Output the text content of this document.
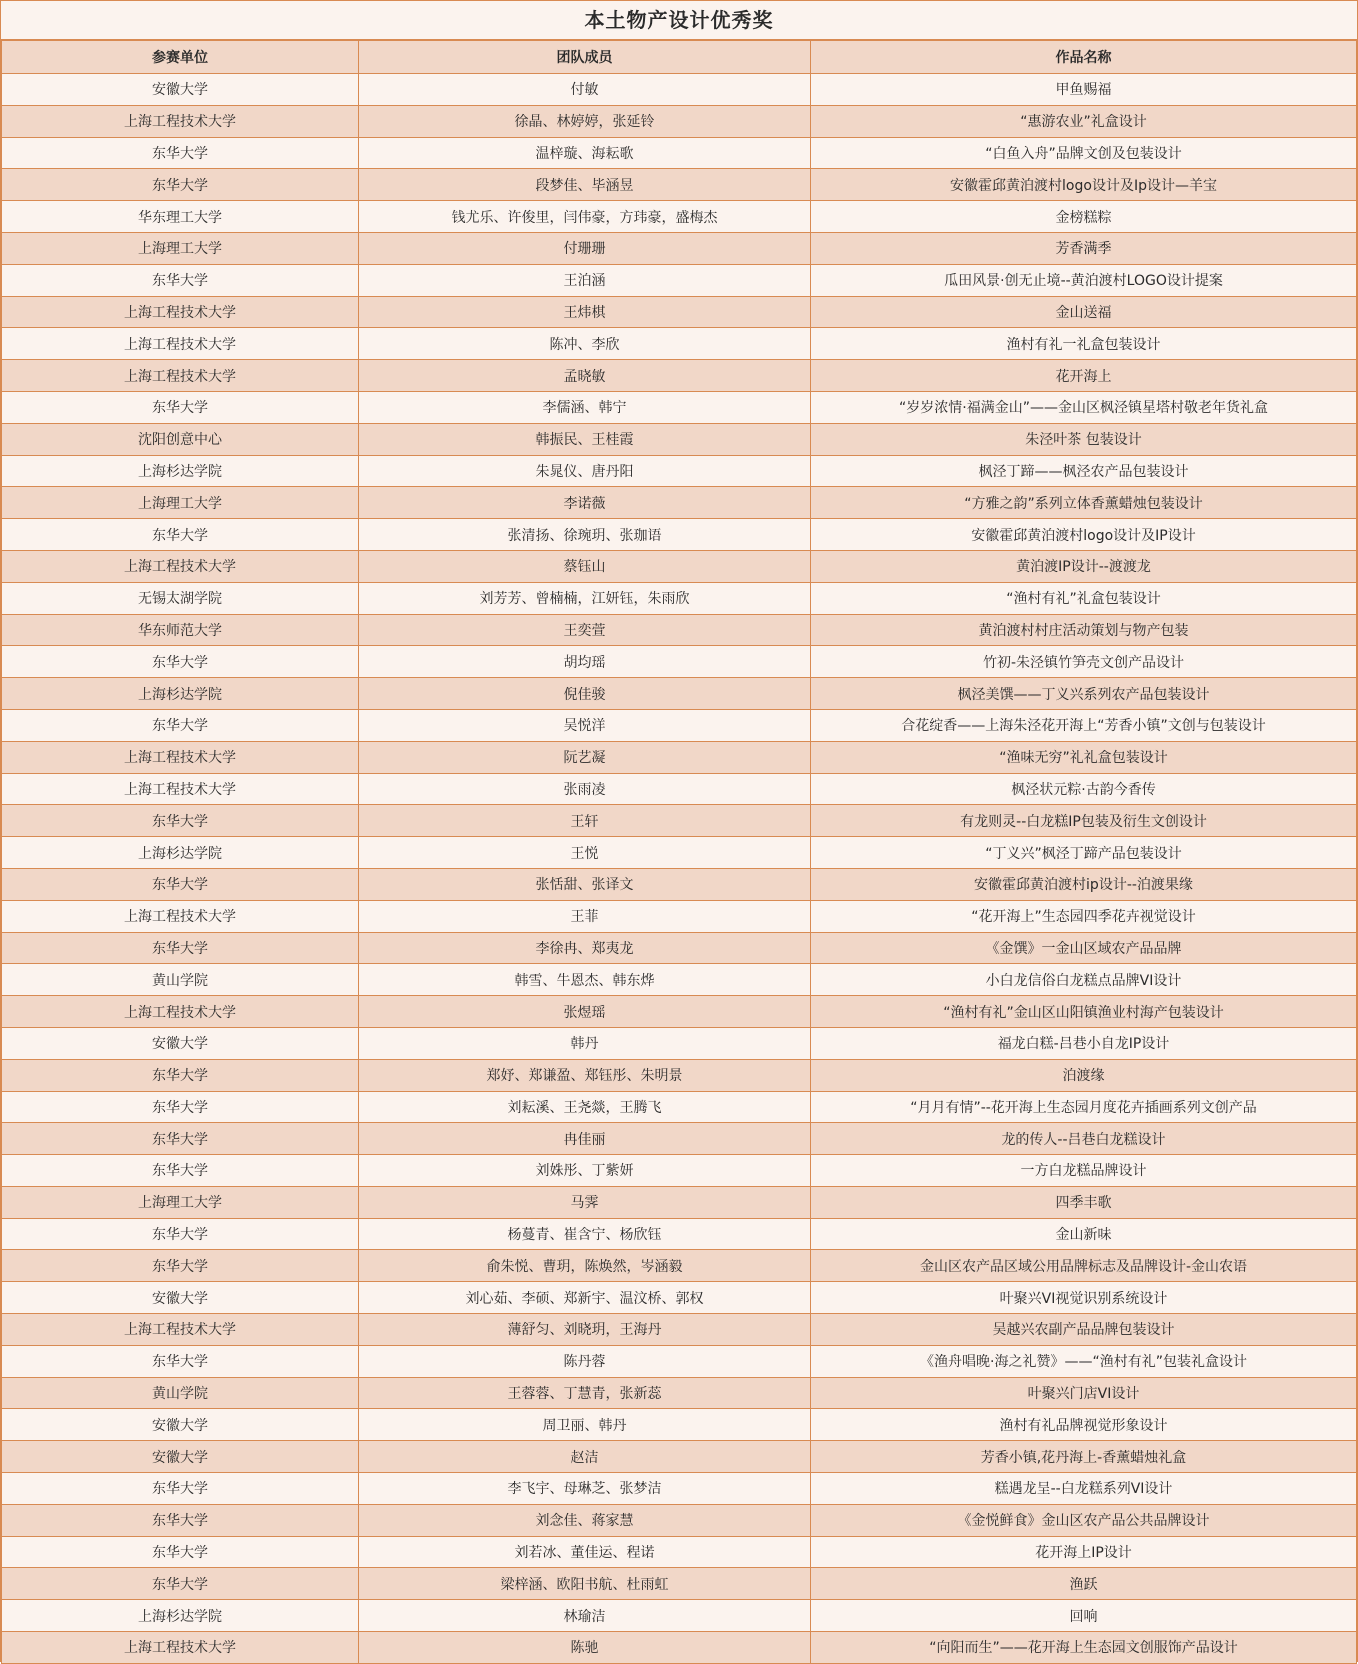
本土物产设计优秀奖
参赛单位	团队成员	作品名称
安徽大学	付敏	甲鱼赐福
上海工程技术大学	徐晶、林婷婷，张延铃	“惠游农业”礼盒设计
东华大学	温梓璇、海耘歌	“白鱼入舟”品牌文创及包装设计
东华大学	段梦佳、毕涵昱	安徽霍邱黄泊渡村logo设计及Ip设计—羊宝
华东理工大学	钱尤乐、许俊里，闫伟豪，方玮豪，盛梅杰	金榜糕粽
上海理工大学	付珊珊	芳香满季
东华大学	王泊涵	瓜田风景·创无止境--黄泊渡村LOGO设计提案
上海工程技术大学	王炜棋	金山送福
上海工程技术大学	陈冲、李欣	渔村有礼一礼盒包装设计
上海工程技术大学	孟晓敏	花开海上
东华大学	李儒涵、韩宁	“岁岁浓情·福满金山”——金山区枫泾镇星塔村敬老年货礼盒
沈阳创意中心	韩振民、王桂霞	朱泾叶茶 包装设计
上海杉达学院	朱晁仪、唐丹阳	枫泾丁蹄——枫泾农产品包装设计
上海理工大学	李诺薇	“方雅之韵”系列立体香薰蜡烛包装设计
东华大学	张清扬、徐琬玥、张珈语	安徽霍邱黄泊渡村logo设计及IP设计
上海工程技术大学	蔡钰山	黄泊渡IP设计--渡渡龙
无锡太湖学院	刘芳芳、曾楠楠，江妍钰，朱雨欣	“渔村有礼”礼盒包装设计
华东师范大学	王奕萱	黄泊渡村村庄活动策划与物产包装
东华大学	胡均瑶	竹初-朱泾镇竹笋壳文创产品设计
上海杉达学院	倪佳骏	枫泾美馔——丁义兴系列农产品包装设计
东华大学	吴悦洋	合花绽香——上海朱泾花开海上“芳香小镇”文创与包装设计
上海工程技术大学	阮艺凝	“渔味无穷”礼礼盒包装设计
上海工程技术大学	张雨凌	枫泾状元粽·古韵今香传
东华大学	王轩	有龙则灵--白龙糕IP包装及衍生文创设计
上海杉达学院	王悦	“丁义兴”枫泾丁蹄产品包装设计
东华大学	张恬甜、张译文	安徽霍邱黄泊渡村ip设计--泊渡果缘
上海工程技术大学	王菲	“花开海上”生态园四季花卉视觉设计
东华大学	李徐冉、郑夷龙	《金馔》一金山区域农产品品牌
黄山学院	韩雪、牛恩杰、韩东烨	小白龙信俗白龙糕点品牌VI设计
上海工程技术大学	张煜瑶	“渔村有礼”金山区山阳镇渔业村海产包装设计
安徽大学	韩丹	福龙白糕-吕巷小自龙IP设计
东华大学	郑妤、郑谦盈、郑钰彤、朱明景	泊渡缘
东华大学	刘耘溪、王尧燚，王腾飞	“月月有情”--花开海上生态园月度花卉插画系列文创产品
东华大学	冉佳丽	龙的传人--吕巷白龙糕设计
东华大学	刘姝彤、丁紫妍	一方白龙糕品牌设计
上海理工大学	马霁	四季丰歌
东华大学	杨蔓青、崔含宁、杨欣钰	金山新味
东华大学	俞朱悦、曹玥，陈焕然，岑涵毅	金山区农产品区域公用品牌标志及品牌设计-金山农语
安徽大学	刘心茹、李硕、郑新宇、温汶桥、郭权	叶聚兴VI视觉识别系统设计
上海工程技术大学	薄舒匀、刘晓玥，王海丹	吴越兴农副产品品牌包装设计
东华大学	陈丹蓉	《渔舟唱晚·海之礼赞》——“渔村有礼”包装礼盒设计
黄山学院	王蓉蓉、丁慧青，张新蕊	叶聚兴门店VI设计
安徽大学	周卫丽、韩丹	渔村有礼品牌视觉形象设计
安徽大学	赵洁	芳香小镇,花丹海上-香薰蜡烛礼盒
东华大学	李飞宇、母琳芝、张梦洁	糕遇龙呈--白龙糕系列VI设计
东华大学	刘念佳、蒋家慧	《金悦鲜食》金山区农产品公共品牌设计
东华大学	刘若冰、董佳运、程诺	花开海上IP设计
东华大学	梁梓涵、欧阳书航、杜雨虹	渔跃
上海杉达学院	林瑜洁	回响
上海工程技术大学	陈驰	“向阳而生”——花开海上生态园文创服饰产品设计
